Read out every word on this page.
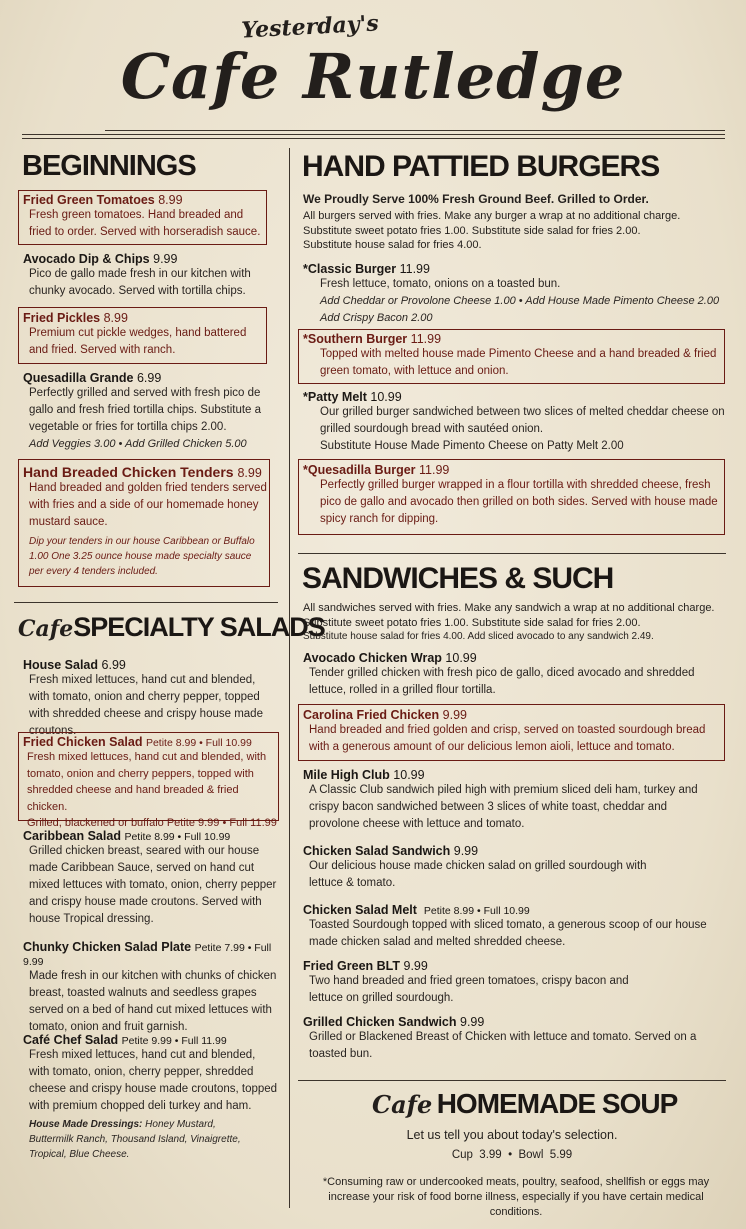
Yesterday's
Cafe Rutledge
BEGINNINGS
Fried Green Tomatoes 8.99
Fresh green tomatoes. Hand breaded and fried to order. Served with horseradish sauce.
Avocado Dip & Chips 9.99
Pico de gallo made fresh in our kitchen with chunky avocado. Served with tortilla chips.
Fried Pickles 8.99
Premium cut pickle wedges, hand battered and fried. Served with ranch.
Quesadilla Grande 6.99
Perfectly grilled and served with fresh pico de gallo and fresh fried tortilla chips. Substitute a vegetable or fries for tortilla chips 2.00.
Add Veggies 3.00 • Add Grilled Chicken 5.00
Hand Breaded Chicken Tenders 8.99
Hand breaded and golden fried tenders served with fries and a side of our homemade honey mustard sauce.
Dip your tenders in our house Caribbean or Buffalo 1.00 One 3.25 ounce house made specialty sauce per every 4 tenders included.
CafeSPECIALTY SALADS
House Salad 6.99
Fresh mixed lettuces, hand cut and blended, with tomato, onion and cherry pepper, topped with shredded cheese and crispy house made croutons.
Fried Chicken Salad Petite 8.99 • Full 10.99
Fresh mixed lettuces, hand cut and blended, with tomato, onion and cherry peppers, topped with shredded cheese and hand breaded & fried chicken.
Grilled, blackened or buffalo Petite 9.99 • Full 11.99
Caribbean Salad Petite 8.99 • Full 10.99
Grilled chicken breast, seared with our house made Caribbean Sauce, served on hand cut mixed lettuces with tomato, onion, cherry pepper and crispy house made croutons. Served with house Tropical dressing.
Chunky Chicken Salad Plate Petite 7.99 • Full 9.99
Made fresh in our kitchen with chunks of chicken breast, toasted walnuts and seedless grapes served on a bed of hand cut mixed lettuces with tomato, onion and fruit garnish.
Café Chef Salad Petite 9.99 • Full 11.99
Fresh mixed lettuces, hand cut and blended, with tomato, onion, cherry pepper, shredded cheese and crispy house made croutons, topped with premium chopped deli turkey and ham.
House Made Dressings: Honey Mustard, Buttermilk Ranch, Thousand Island, Vinaigrette, Tropical, Blue Cheese.
HAND PATTIED BURGERS
We Proudly Serve 100% Fresh Ground Beef. Grilled to Order.
All burgers served with fries. Make any burger a wrap at no additional charge.
Substitute sweet potato fries 1.00. Substitute side salad for fries 2.00.
Substitute house salad for fries 4.00.
*Classic Burger 11.99
Fresh lettuce, tomato, onions on a toasted bun.
Add Cheddar or Provolone Cheese 1.00 • Add House Made Pimento Cheese 2.00
Add Crispy Bacon 2.00
*Southern Burger 11.99
Topped with melted house made Pimento Cheese and a hand breaded & fried green tomato, with lettuce and onion.
*Patty Melt 10.99
Our grilled burger sandwiched between two slices of melted cheddar cheese on grilled sourdough bread with sautéed onion.
Substitute House Made Pimento Cheese on Patty Melt 2.00
*Quesadilla Burger 11.99
Perfectly grilled burger wrapped in a flour tortilla with shredded cheese, fresh pico de gallo and avocado then grilled on both sides. Served with house made spicy ranch for dipping.
SANDWICHES & SUCH
All sandwiches served with fries. Make any sandwich a wrap at no additional charge.
Substitute sweet potato fries 1.00. Substitute side salad for fries 2.00.
Substitute house salad for fries 4.00. Add sliced avocado to any sandwich 2.49.
Avocado Chicken Wrap 10.99
Tender grilled chicken with fresh pico de gallo, diced avocado and shredded lettuce, rolled in a grilled flour tortilla.
Carolina Fried Chicken 9.99
Hand breaded and fried golden and crisp, served on toasted sourdough bread with a generous amount of our delicious lemon aioli, lettuce and tomato.
Mile High Club 10.99
A Classic Club sandwich piled high with premium sliced deli ham, turkey and crispy bacon sandwiched between 3 slices of white toast, cheddar and provolone cheese with lettuce and tomato.
Chicken Salad Sandwich 9.99
Our delicious house made chicken salad on grilled sourdough with lettuce & tomato.
Chicken Salad Melt Petite 8.99 • Full 10.99
Toasted Sourdough topped with sliced tomato, a generous scoop of our house made chicken salad and melted shredded cheese.
Fried Green BLT 9.99
Two hand breaded and fried green tomatoes, crispy bacon and lettuce on grilled sourdough.
Grilled Chicken Sandwich 9.99
Grilled or Blackened Breast of Chicken with lettuce and tomato. Served on a toasted bun.
Cafe HOMEMADE SOUP
Let us tell you about today's selection.
Cup  3.99  •  Bowl  5.99
*Consuming raw or undercooked meats, poultry, seafood, shellfish or eggs may increase your risk of food borne illness, especially if you have certain medical conditions.
